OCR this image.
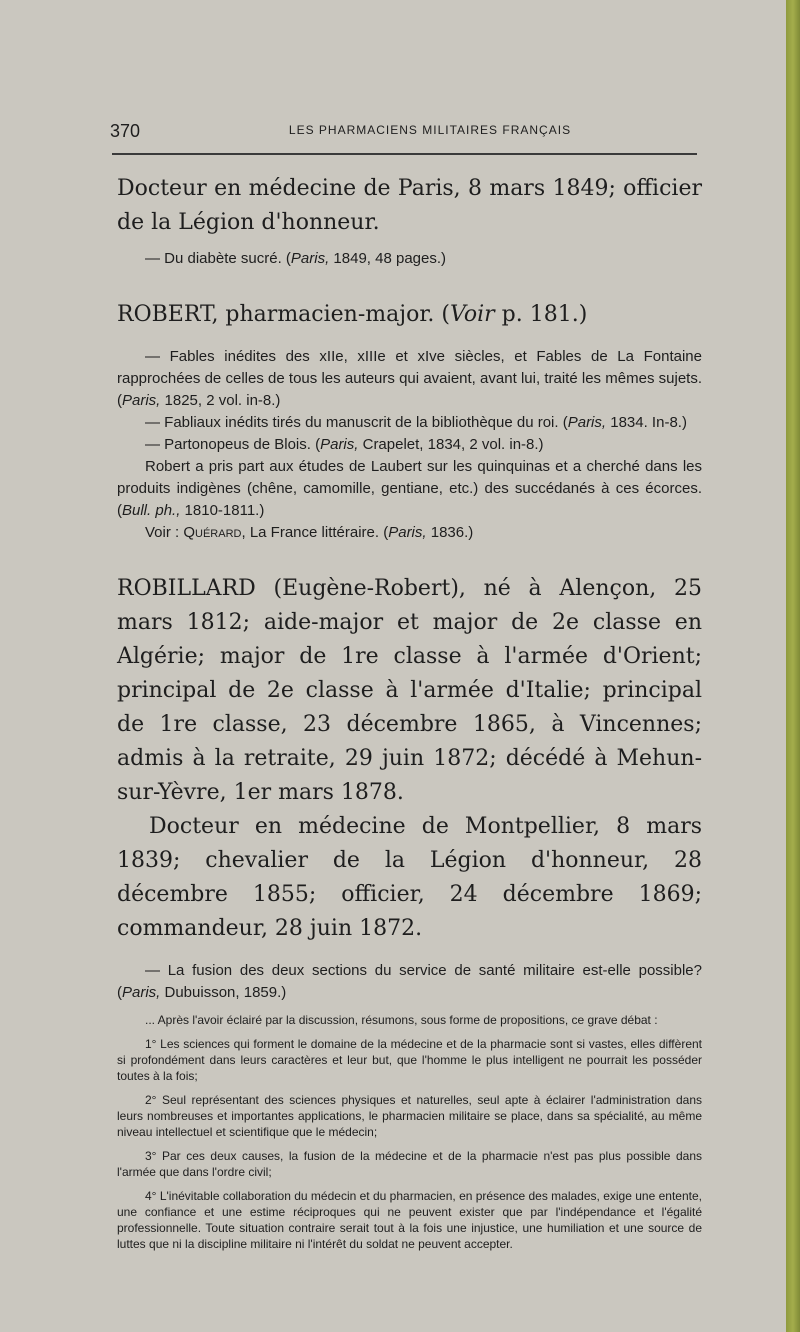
370	LES PHARMACIENS MILITAIRES FRANÇAIS

Docteur en médecine de Paris, 8 mars 1849; officier de la Légion d'honneur.

— Du diabète sucré. (Paris, 1849, 48 pages.)

ROBERT, pharmacien-major. (Voir p. 181.)

— Fables inédites des xIIe, xIIIe et xIve siècles, et Fables de La Fontaine rapprochées de celles de tous les auteurs qui avaient, avant lui, traité les mêmes sujets. (Paris, 1825, 2 vol. in-8.)

— Fabliaux inédits tirés du manuscrit de la bibliothèque du roi. (Paris, 1834. In-8.)

— Partonopeus de Blois. (Paris, Crapelet, 1834, 2 vol. in-8.)

Robert a pris part aux études de Laubert sur les quinquinas et a cherché dans les produits indigènes (chêne, camomille, gentiane, etc.) des succédanés à ces écorces. (Bull. ph., 1810-1811.)

Voir : Quérard, La France littéraire. (Paris, 1836.)

ROBILLARD (Eugène-Robert), né à Alençon, 25 mars 1812; aide-major et major de 2e classe en Algérie; major de 1re classe à l'armée d'Orient; principal de 2e classe à l'armée d'Italie; principal de 1re classe, 23 décembre 1865, à Vincennes; admis à la retraite, 29 juin 1872; décédé à Mehun-sur-Yèvre, 1er mars 1878.

Docteur en médecine de Montpellier, 8 mars 1839; chevalier de la Légion d'honneur, 28 décembre 1855; officier, 24 décembre 1869; commandeur, 28 juin 1872.

— La fusion des deux sections du service de santé militaire est-elle possible? (Paris, Dubuisson, 1859.)

... Après l'avoir éclairé par la discussion, résumons, sous forme de propositions, ce grave débat :

1° Les sciences qui forment le domaine de la médecine et de la pharmacie sont si vastes, elles diffèrent si profondément dans leurs caractères et leur but, que l'homme le plus intelligent ne pourrait les posséder toutes à la fois;

2° Seul représentant des sciences physiques et naturelles, seul apte à éclairer l'administration dans leurs nombreuses et importantes applications, le pharmacien militaire se place, dans sa spécialité, au même niveau intellectuel et scientifique que le médecin;

3° Par ces deux causes, la fusion de la médecine et de la pharmacie n'est pas plus possible dans l'armée que dans l'ordre civil;

4° L'inévitable collaboration du médecin et du pharmacien, en présence des malades, exige une entente, une confiance et une estime réciproques qui ne peuvent exister que par l'indépendance et l'égalité professionnelle. Toute situation contraire serait tout à la fois une injustice, une humiliation et une source de luttes que ni la discipline militaire ni l'intérêt du soldat ne peuvent accepter.
